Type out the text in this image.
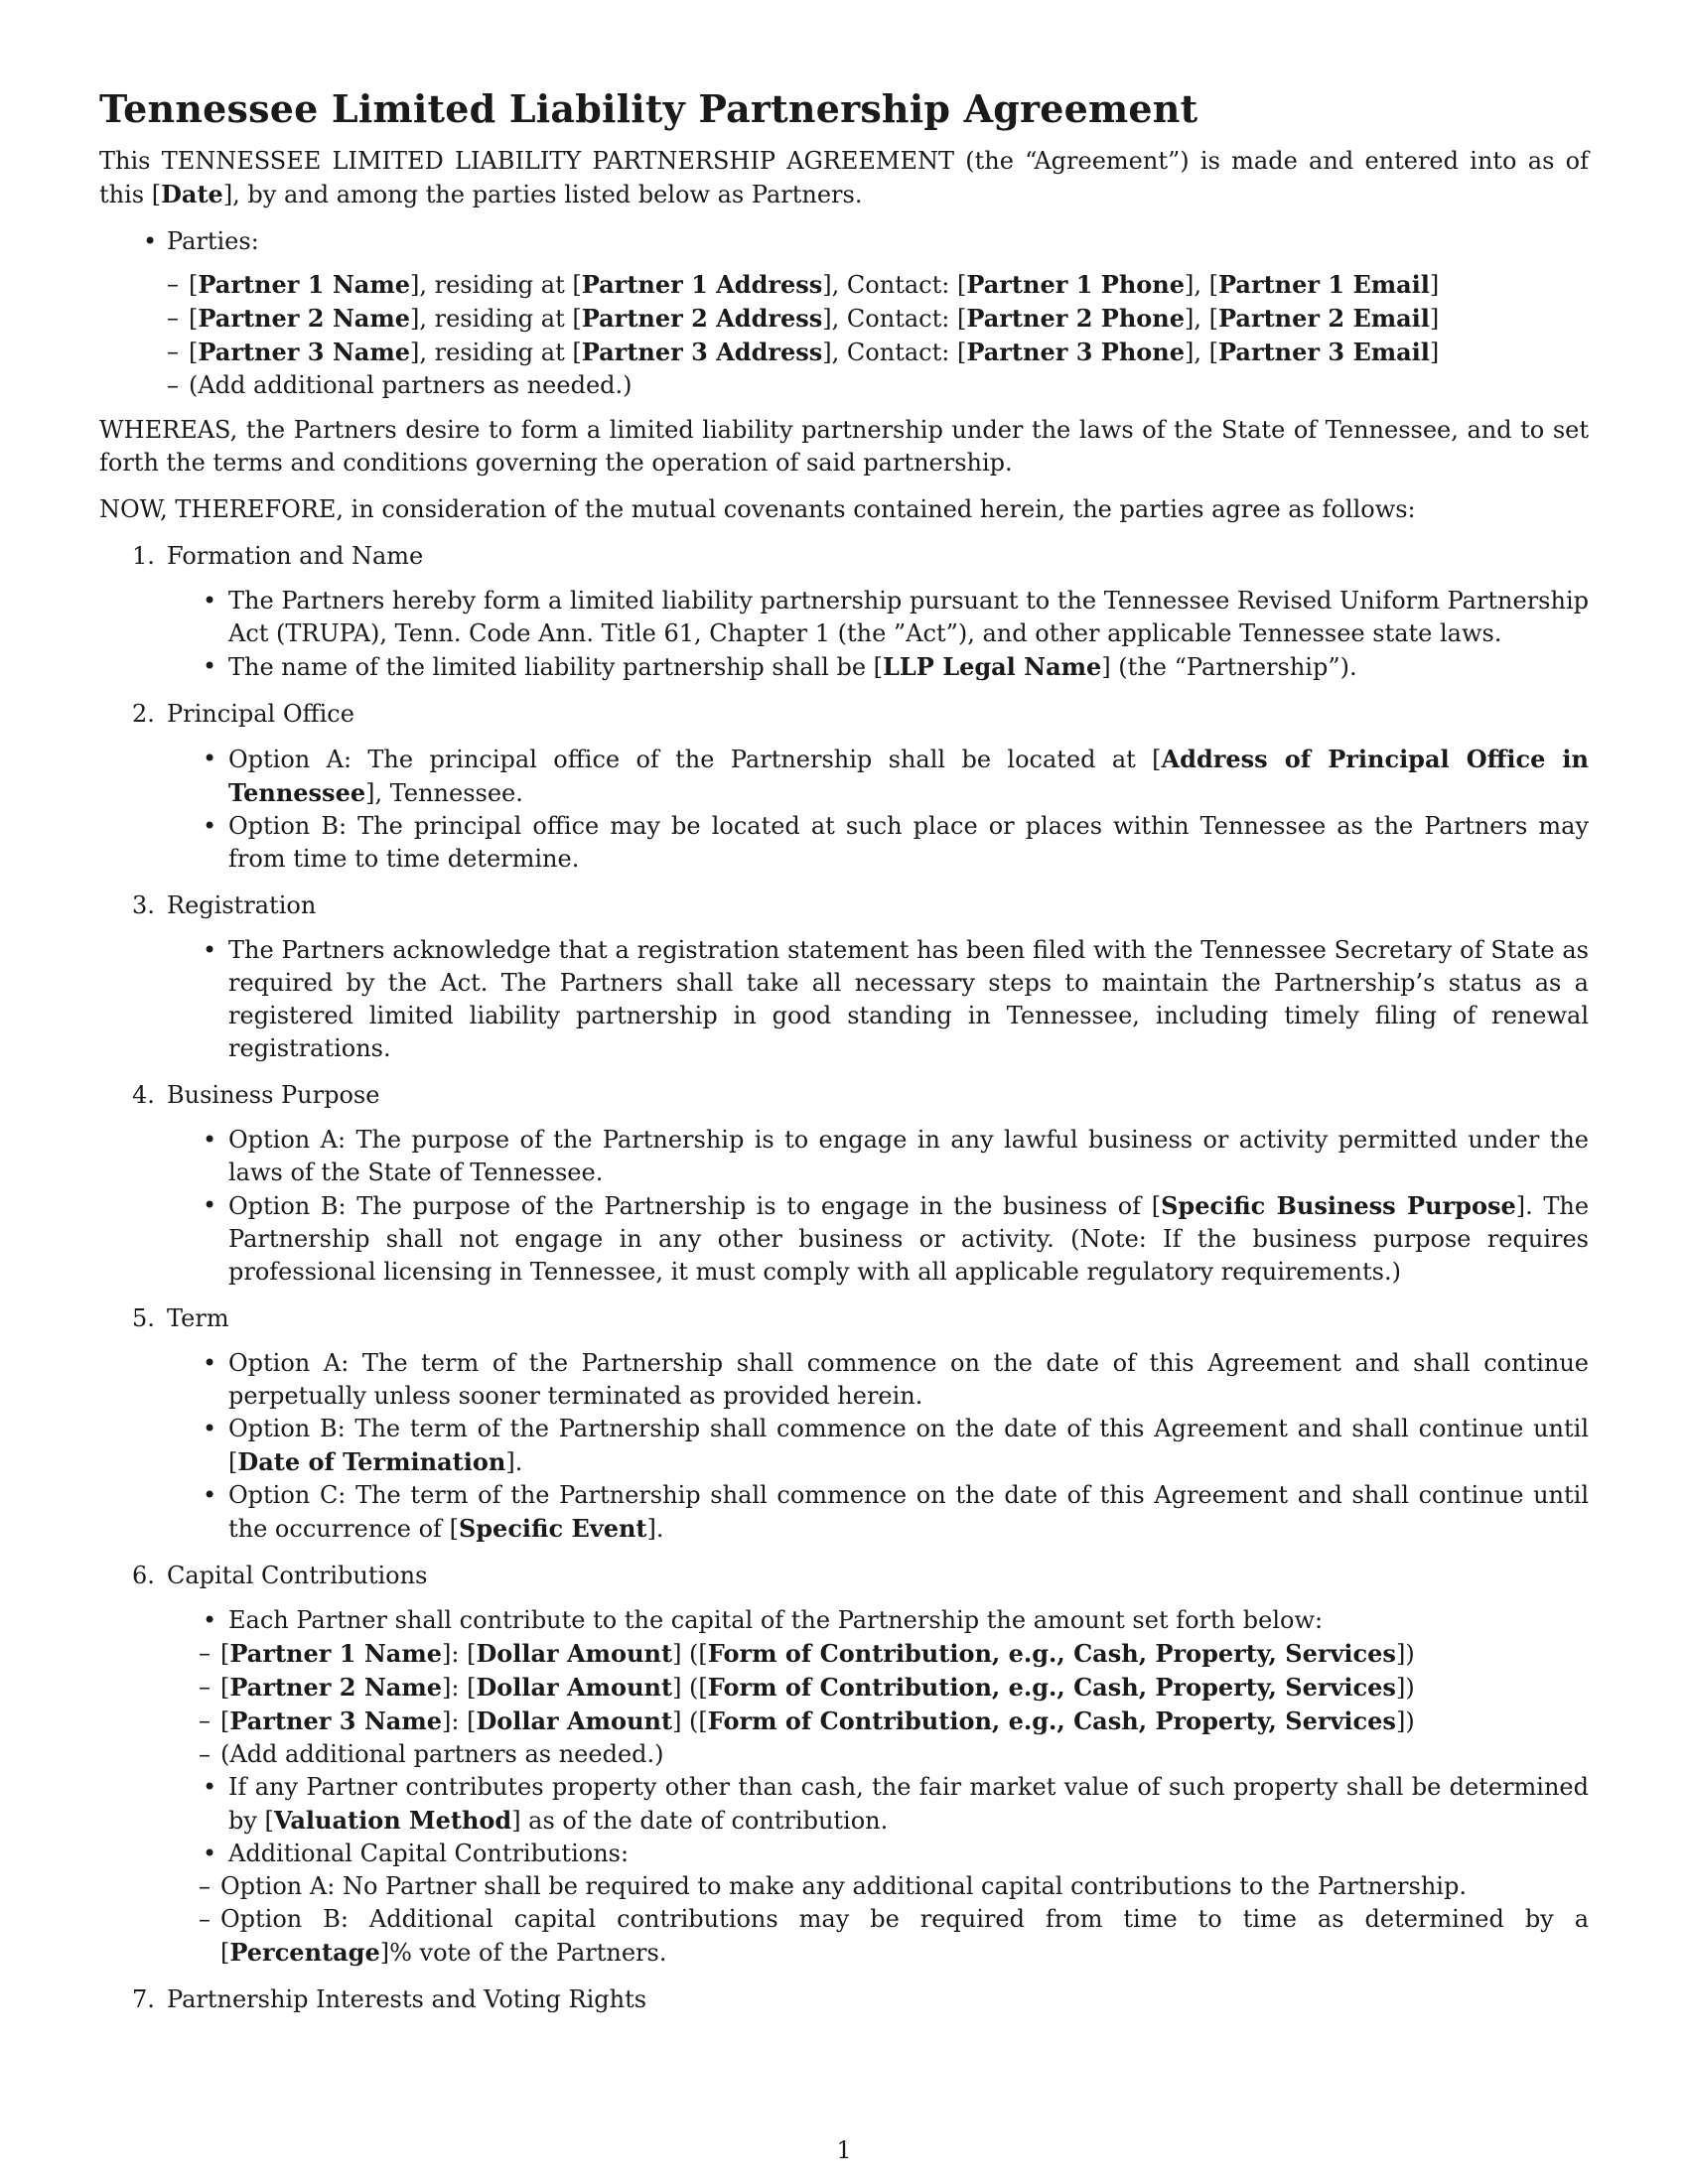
Tennessee Limited Liability Partnership Agreement

This TENNESSEE LIMITED LIABILITY PARTNERSHIP AGREEMENT (the “Agreement”) is made and entered into as of this [Date], by and among the parties listed below as Partners.

• Parties:
– [Partner 1 Name], residing at [Partner 1 Address], Contact: [Partner 1 Phone], [Partner 1 Email]
– [Partner 2 Name], residing at [Partner 2 Address], Contact: [Partner 2 Phone], [Partner 2 Email]
– [Partner 3 Name], residing at [Partner 3 Address], Contact: [Partner 3 Phone], [Partner 3 Email]
– (Add additional partners as needed.)

WHEREAS, the Partners desire to form a limited liability partnership under the laws of the State of Tennessee, and to set forth the terms and conditions governing the operation of said partnership.

NOW, THEREFORE, in consideration of the mutual covenants contained herein, the parties agree as follows:

1. Formation and Name
• The Partners hereby form a limited liability partnership pursuant to the Tennessee Revised Uniform Partnership Act (TRUPA), Tenn. Code Ann. Title 61, Chapter 1 (the ”Act”), and other applicable Tennessee state laws.
• The name of the limited liability partnership shall be [LLP Legal Name] (the “Partnership”).
2. Principal Office
• Option A: The principal office of the Partnership shall be located at [Address of Principal Office in Tennessee], Tennessee.
• Option B: The principal office may be located at such place or places within Tennessee as the Partners may from time to time determine.
3. Registration
• The Partners acknowledge that a registration statement has been filed with the Tennessee Secretary of State as required by the Act. The Partners shall take all necessary steps to maintain the Partnership’s status as a registered limited liability partnership in good standing in Tennessee, including timely filing of renewal registrations.
4. Business Purpose
• Option A: The purpose of the Partnership is to engage in any lawful business or activity permitted under the laws of the State of Tennessee.
• Option B: The purpose of the Partnership is to engage in the business of [Specific Business Purpose]. The Partnership shall not engage in any other business or activity. (Note: If the business purpose requires professional licensing in Tennessee, it must comply with all applicable regulatory requirements.)
5. Term
• Option A: The term of the Partnership shall commence on the date of this Agreement and shall continue perpetually unless sooner terminated as provided herein.
• Option B: The term of the Partnership shall commence on the date of this Agreement and shall continue until [Date of Termination].
• Option C: The term of the Partnership shall commence on the date of this Agreement and shall continue until the occurrence of [Specific Event].
6. Capital Contributions
• Each Partner shall contribute to the capital of the Partnership the amount set forth below:
– [Partner 1 Name]: [Dollar Amount] ([Form of Contribution, e.g., Cash, Property, Services])
– [Partner 2 Name]: [Dollar Amount] ([Form of Contribution, e.g., Cash, Property, Services])
– [Partner 3 Name]: [Dollar Amount] ([Form of Contribution, e.g., Cash, Property, Services])
– (Add additional partners as needed.)
• If any Partner contributes property other than cash, the fair market value of such property shall be determined by [Valuation Method] as of the date of contribution.
• Additional Capital Contributions:
– Option A: No Partner shall be required to make any additional capital contributions to the Partnership.
– Option B: Additional capital contributions may be required from time to time as determined by a [Percentage]% vote of the Partners.
7. Partnership Interests and Voting Rights
1
